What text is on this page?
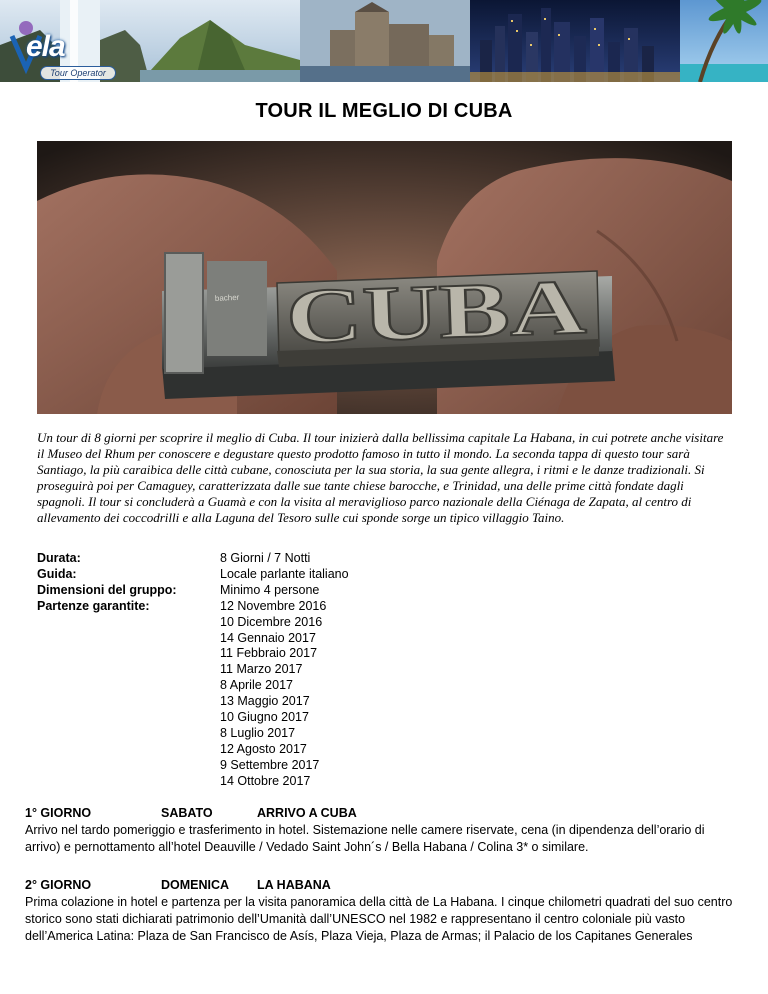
ela
Tour Operator
TOUR IL MEGLIO DI CUBA
bacher CUBA

Un tour di 8 giorni per scoprire il meglio di Cuba. Il tour inizierà dalla bellissima capitale La Habana, in cui potrete anche visitare il Museo del Rhum per conoscere e degustare questo prodotto famoso in tutto il mondo. La seconda tappa di questo tour sarà Santiago, la più caraibica delle città cubane, conosciuta per la sua storia, la sua gente allegra, i ritmi e le danze tradizionali. Si proseguirà poi per Camaguey, caratterizzata dalle sue tante chiese barocche, e Trinidad, una delle prime città fondate dagli spagnoli. Il tour si concluderà a Guamà e con la visita al meraviglioso parco nazionale della Ciénaga de Zapata, al centro di allevamento dei coccodrilli e alla Laguna del Tesoro sulle cui sponde sorge un tipico villaggio Taino.

Durata:	8 Giorni / 7 Notti
Guida:	Locale parlante italiano
Dimensioni del gruppo:	Minimo 4 persone
Partenze garantite:	12 Novembre 2016
10 Dicembre 2016
14 Gennaio 2017
11 Febbraio 2017
11 Marzo 2017
8 Aprile 2017
13 Maggio 2017
10 Giugno 2017
8 Luglio 2017
12 Agosto 2017
9 Settembre 2017
14 Ottobre 2017
1° GIORNO	SABATO	ARRIVO A CUBA

Arrivo nel tardo pomeriggio e trasferimento in hotel. Sistemazione nelle camere riservate, cena (in dipendenza dell’orario di arrivo) e pernottamento all’hotel Deauville / Vedado Saint John´s / Bella Habana / Colina 3* o similare.

2° GIORNO	DOMENICA	LA HABANA

Prima colazione in hotel e partenza per la visita panoramica della città de La Habana. I cinque chilometri quadrati del suo centro storico sono stati dichiarati patrimonio dell’Umanità dall’UNESCO nel 1982 e rappresentano il centro coloniale più vasto dell’America Latina: Plaza de San Francisco de Asís, Plaza Vieja, Plaza de Armas; il Palacio de los Capitanes Generales
